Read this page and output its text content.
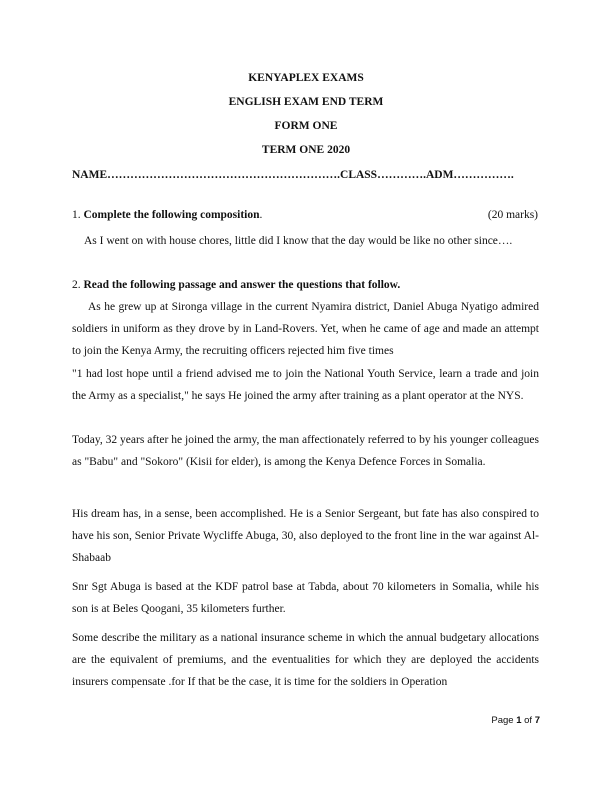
KENYAPLEX EXAMS
ENGLISH EXAM END TERM
FORM ONE
TERM ONE 2020
NAME…………………………………………………….CLASS………….ADM…………….
1. Complete the following composition.	(20 marks)
As I went on with house chores, little did I know that the day would be like no other since….
2. Read the following passage and answer the questions that follow.

As he grew up at Sironga village in the current Nyamira district, Daniel Abuga Nyatigo admired soldiers in uniform as they drove by in Land-Rovers. Yet, when he came of age and made an attempt to join the Kenya Army, the recruiting officers rejected him five times

"1 had lost hope until a friend advised me to join the National Youth Service, learn a trade and join the Army as a specialist," he says He joined the army after training as a plant operator at the NYS.

Today, 32 years after he joined the army, the man affectionately referred to by his younger colleagues as "Babu" and "Sokoro" (Kisii for elder), is among the Kenya Defence Forces in Somalia.

His dream has, in a sense, been accomplished. He is a Senior Sergeant, but fate has also conspired to have his son, Senior Private Wycliffe Abuga, 30, also deployed to the front line in the war against Al-Shabaab

Snr Sgt Abuga is based at the KDF patrol base at Tabda, about 70 kilometers in Somalia, while his son is at Beles Qoogani, 35 kilometers further.

Some describe the military as a national insurance scheme in which the annual budgetary allocations are the equivalent of premiums, and the eventualities for which they are deployed the accidents insurers compensate .for If that be the case, it is time for the soldiers in Operation

Page 1 of 7
